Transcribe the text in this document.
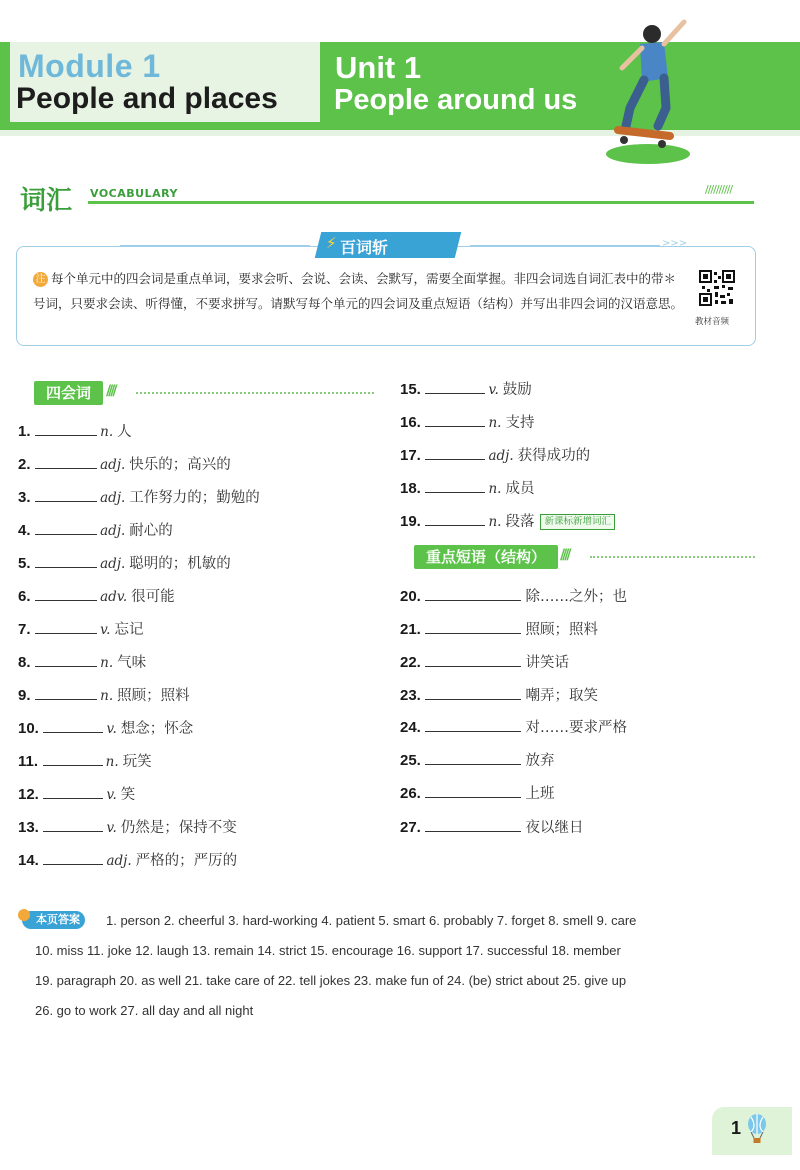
Module 1
People and places
Unit 1
People around us
词汇 VOCABULARY	//////////
>>>
⚡ 百词斩
注 每个单元中的四会词是重点单词，要求会听、会说、会读、会默写，需要全面掌握。非四会词选自词汇表中的带＊号词，只要求会读、听得懂，不要求拼写。请默写每个单元的四会词及重点短语（结构）并写出非四会词的汉语意思。
教材音频
四会词	////
1.	n. 人
2.	adj. 快乐的；高兴的
3.	adj. 工作努力的；勤勉的
4.	adj. 耐心的
5.	adj. 聪明的；机敏的
6.	adv. 很可能
7.	v. 忘记
8.	n. 气味
9.	n. 照顾；照料
10.	v. 想念；怀念
11.	n. 玩笑
12.	v. 笑
13.	v. 仍然是；保持不变
14.	adj. 严格的；严厉的
15.	v. 鼓励
16.	n. 支持
17.	adj. 获得成功的
18.	n. 成员
19.	n. 段落 新课标新增词汇
重点短语（结构） ////
20.	除……之外；也
21.	照顾；照料
22.	讲笑话
23.	嘲弄；取笑
24.	对……要求严格
25.	放弃
26.	上班
27.	夜以继日
本页答案	1. person 2. cheerful 3. hard-working 4. patient 5. smart 6. probably 7. forget 8. smell 9. care
10. miss 11. joke 12. laugh 13. remain 14. strict 15. encourage 16. support 17. successful 18. member
19. paragraph 20. as well 21. take care of 22. tell jokes 23. make fun of 24. (be) strict about 25. give up
26. go to work 27. all day and all night
1
